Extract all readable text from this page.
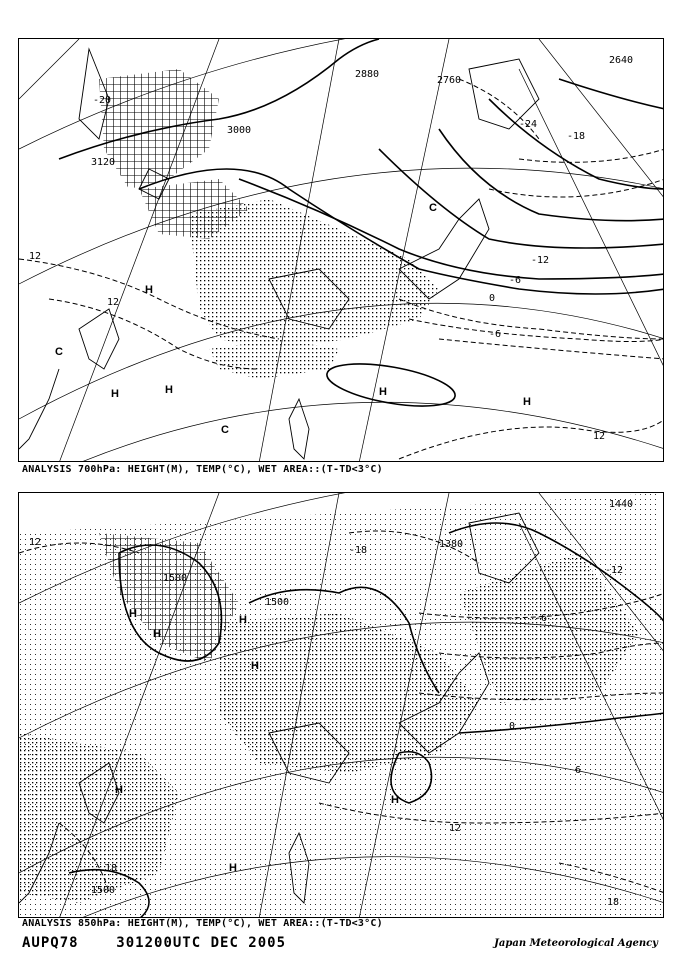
3120
3000
2880
2760
2640
-20
-24
-18
-12
-6
0
-6
12
12
12
H
H
H	H
H
C
C
C
ANALYSIS 700hPa: HEIGHT(M), TEMP(°C), WET AREA::(T-TD<3°C)
1500
1500
1500
1440
1380
12
-18
-12
-6
0
6
12
18
18
H
H
H
H
H
H
H
ANALYSIS 850hPa: HEIGHT(M), TEMP(°C), WET AREA::(T-TD<3°C)
AUPQ78	301200UTC DEC 2005	Japan Meteorological Agency
